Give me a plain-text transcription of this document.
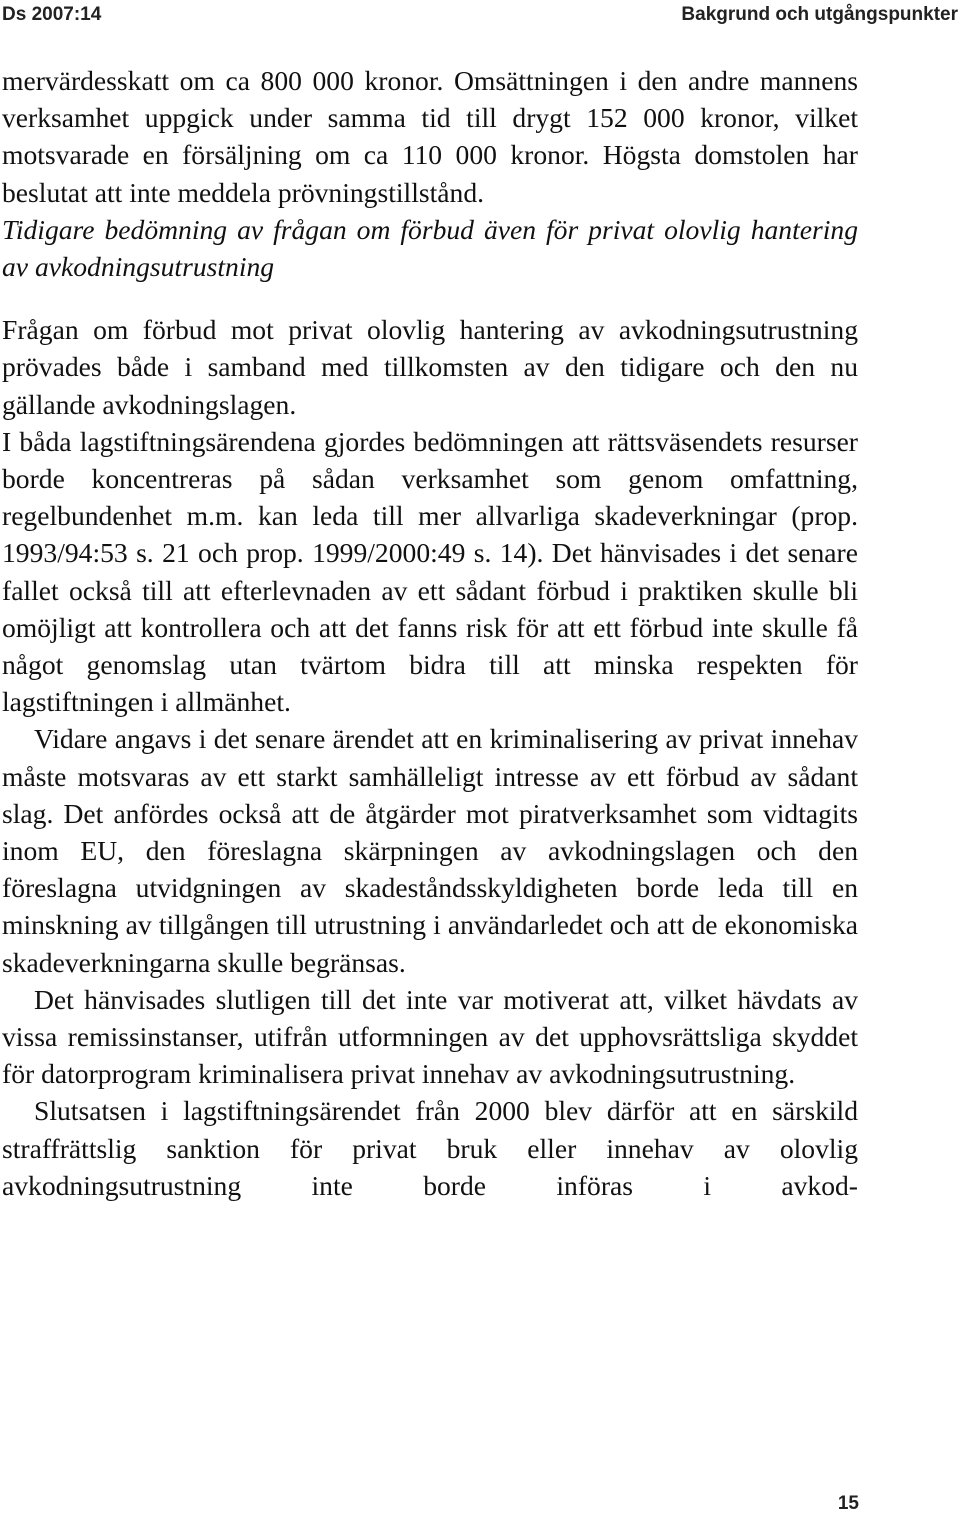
Ds 2007:14	Bakgrund och utgångspunkter

mervärdesskatt om ca 800 000 kronor. Omsättningen i den andre mannens verksamhet uppgick under samma tid till drygt 152 000 kronor, vilket motsvarade en försäljning om ca 110 000 kronor. Högsta domstolen har beslutat att inte meddela prövningstillstånd.

Tidigare bedömning av frågan om förbud även för privat olovlig hantering av avkodningsutrustning

Frågan om förbud mot privat olovlig hantering av avkodningsutrustning prövades både i samband med tillkomsten av den tidigare och den nu gällande avkodningslagen.

I båda lagstiftningsärendena gjordes bedömningen att rättsväsendets resurser borde koncentreras på sådan verksamhet som genom omfattning, regelbundenhet m.m. kan leda till mer allvarliga skadeverkningar (prop. 1993/94:53 s. 21 och prop. 1999/2000:49 s. 14). Det hänvisades i det senare fallet också till att efterlevnaden av ett sådant förbud i praktiken skulle bli omöjligt att kontrollera och att det fanns risk för att ett förbud inte skulle få något genomslag utan tvärtom bidra till att minska respekten för lagstiftningen i allmänhet.

Vidare angavs i det senare ärendet att en kriminalisering av privat innehav måste motsvaras av ett starkt samhälleligt intresse av ett förbud av sådant slag. Det anfördes också att de åtgärder mot piratverksamhet som vidtagits inom EU, den föreslagna skärpningen av avkodningslagen och den föreslagna utvidgningen av skadeståndsskyldigheten borde leda till en minskning av tillgången till utrustning i användarledet och att de ekonomiska skadeverkningarna skulle begränsas.

Det hänvisades slutligen till det inte var motiverat att, vilket hävdats av vissa remissinstanser, utifrån utformningen av det upphovsrättsliga skyddet för datorprogram kriminalisera privat innehav av avkodningsutrustning.

Slutsatsen i lagstiftningsärendet från 2000 blev därför att en särskild straffrättslig sanktion för privat bruk eller innehav av olovlig avkodningsutrustning inte borde införas i avkod-

15
